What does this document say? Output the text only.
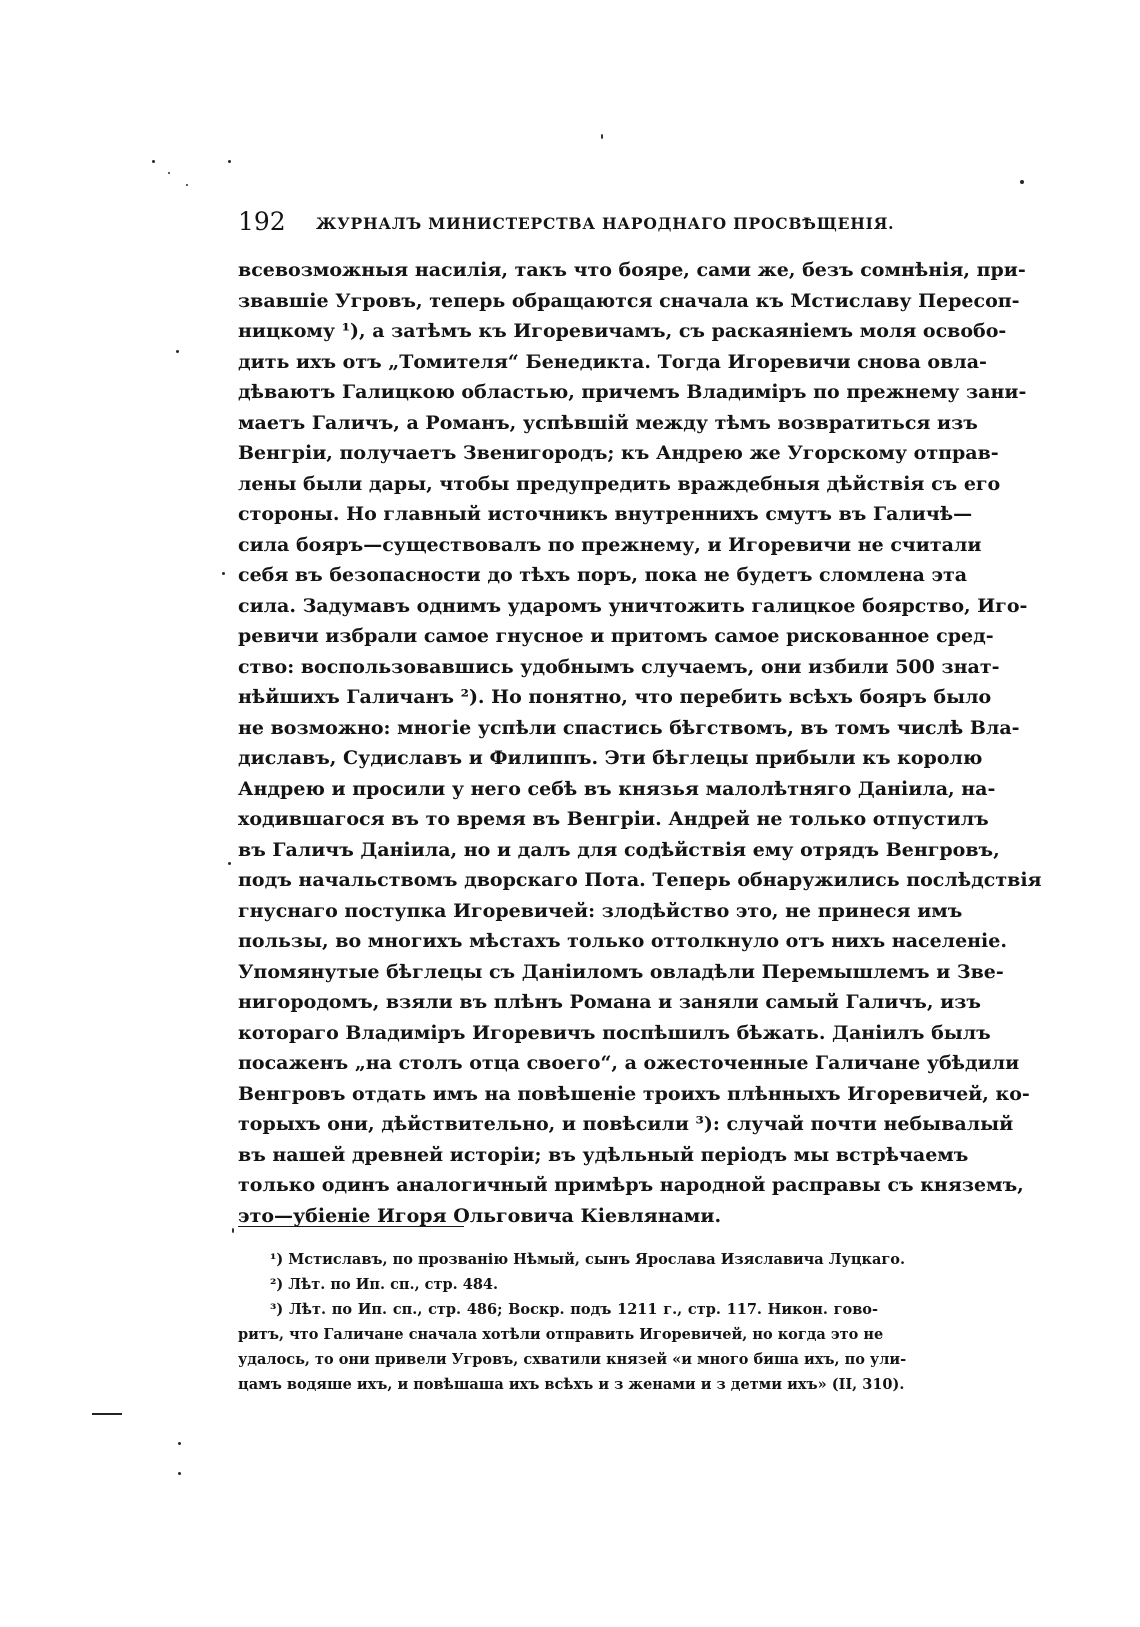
192 ЖУРНАЛЪ МИНИСТЕРСТВА НАРОДНАГО ПРОСВѢЩЕНІЯ.
всевозможныя насилія, такъ что бояре, сами же, безъ сомнѣнія, при-
звавшіе Угровъ, теперь обращаются сначала къ Мстиславу Пересоп-
ницкому ¹), а затѣмъ къ Игоревичамъ, съ раскаяніемъ моля освобо-
дить ихъ отъ „Томителя“ Бенедикта. Тогда Игоревичи снова овла-
дѣваютъ Галицкою областью, причемъ Владиміръ по прежнему зани-
маетъ Галичъ, а Романъ, успѣвшій между тѣмъ возвратиться изъ
Венгріи, получаетъ Звенигородъ; къ Андрею же Угорскому отправ-
лены были дары, чтобы предупредить враждебныя дѣйствія съ его
стороны. Но главный источникъ внутреннихъ смутъ въ Галичѣ—
сила бояръ—существовалъ по прежнему, и Игоревичи не считали
себя въ безопасности до тѣхъ поръ, пока не будетъ сломлена эта
сила. Задумавъ однимъ ударомъ уничтожить галицкое боярство, Иго-
ревичи избрали самое гнусное и притомъ самое рискованное сред-
ство: воспользовавшись удобнымъ случаемъ, они избили 500 знат-
нѣйшихъ Галичанъ ²). Но понятно, что перебить всѣхъ бояръ было
не возможно: многіе успѣли спастись бѣгствомъ, въ томъ числѣ Вла-
диславъ, Судиславъ и Филиппъ. Эти бѣглецы прибыли къ королю
Андрею и просили у него себѣ въ князья малолѣтняго Даніила, на-
ходившагося въ то время въ Венгріи. Андрей не только отпустилъ
въ Галичъ Даніила, но и далъ для содѣйствія ему отрядъ Венгровъ,
подъ начальствомъ дворскаго Пота. Теперь обнаружились послѣдствія
гнуснаго поступка Игоревичей: злодѣйство это, не принеся имъ
пользы, во многихъ мѣстахъ только оттолкнуло отъ нихъ населеніе.
Упомянутые бѣглецы съ Даніиломъ овладѣли Перемышлемъ и Зве-
нигородомъ, взяли въ плѣнъ Романа и заняли самый Галичъ, изъ
котораго Владиміръ Игоревичъ поспѣшилъ бѣжать. Даніилъ былъ
посаженъ „на столъ отца своего“, а ожесточенные Галичане убѣдили
Венгровъ отдать имъ на повѣшеніе троихъ плѣнныхъ Игоревичей, ко-
торыхъ они, дѣйствительно, и повѣсили ³): случай почти небывалый
въ нашей древней исторіи; въ удѣльный періодъ мы встрѣчаемъ
только одинъ аналогичный примѣръ народной расправы съ княземъ,
это—убіеніе Игоря Ольговича Кіевлянами.
¹) Мстиславъ, по прозванію Нѣмый, сынъ Ярослава Изяславича Луцкаго.
²) Лѣт. по Ип. сп., стр. 484.
³) Лѣт. по Ип. сп., стр. 486; Воскр. подъ 1211 г., стр. 117. Никон. гово-
ритъ, что Галичане сначала хотѣли отправить Игоревичей, но когда это не
удалось, то они привели Угровъ, схватили князей «и много биша ихъ, по ули-
цамъ водяше ихъ, и повѣшаша ихъ всѣхъ и з женами и з детми ихъ» (II, 310).
